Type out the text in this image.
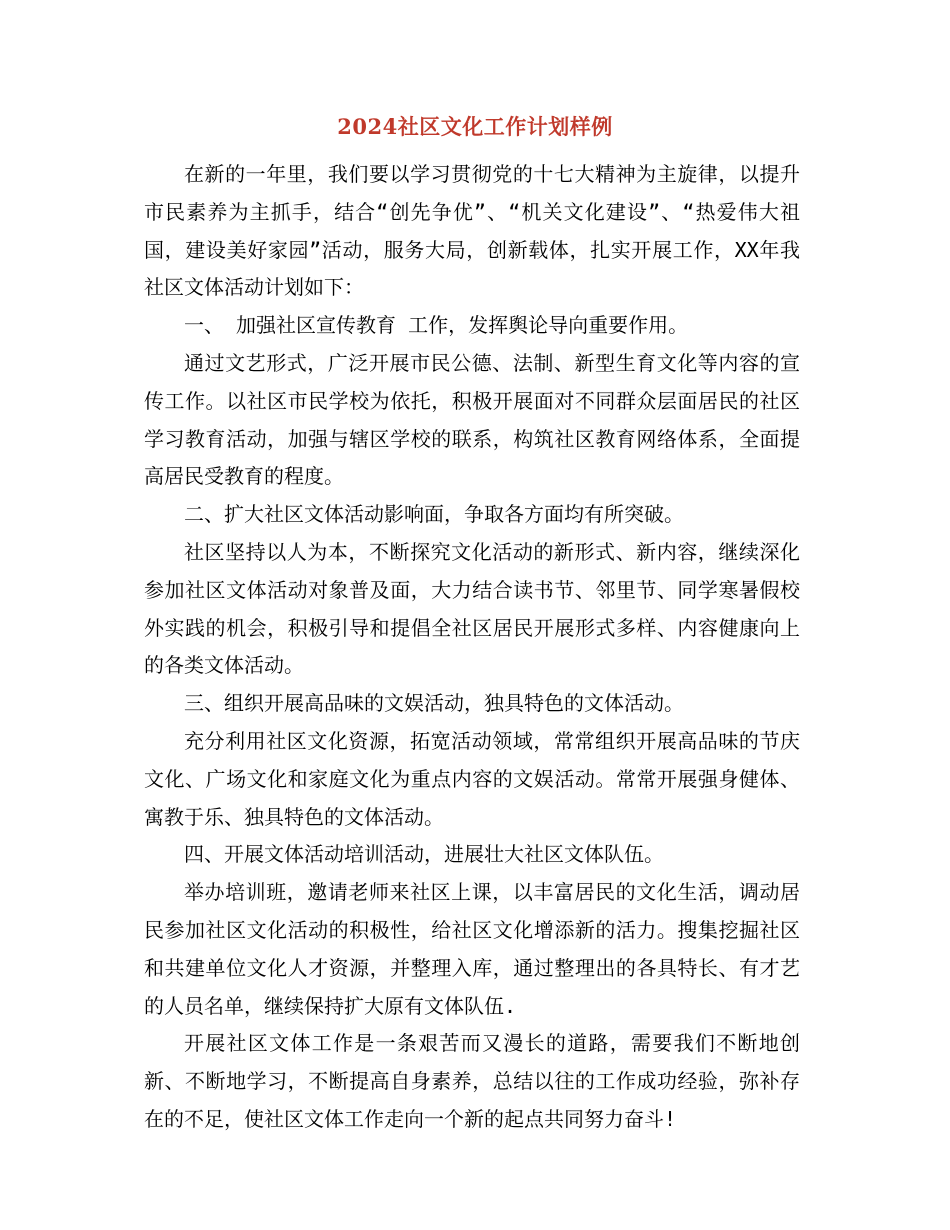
2024社区文化工作计划样例

在新的一年里，我们要以学习贯彻党的十七大精神为主旋律，以提升市民素养为主抓手，结合“创先争优”、“机关文化建设”、“热爱伟大祖国，建设美好家园”活动，服务大局，创新载体，扎实开展工作，XX年我社区文体活动计划如下：

一、 加强社区宣传教育 工作，发挥舆论导向重要作用。

通过文艺形式，广泛开展市民公德、法制、新型生育文化等内容的宣传工作。以社区市民学校为依托，积极开展面对不同群众层面居民的社区学习教育活动，加强与辖区学校的联系，构筑社区教育网络体系，全面提高居民受教育的程度。

二、扩大社区文体活动影响面，争取各方面均有所突破。

社区坚持以人为本，不断探究文化活动的新形式、新内容，继续深化参加社区文体活动对象普及面，大力结合读书节、邻里节、同学寒暑假校外实践的机会，积极引导和提倡全社区居民开展形式多样、内容健康向上的各类文体活动。

三、组织开展高品味的文娱活动，独具特色的文体活动。

充分利用社区文化资源，拓宽活动领域，常常组织开展高品味的节庆文化、广场文化和家庭文化为重点内容的文娱活动。常常开展强身健体、寓教于乐、独具特色的文体活动。

四、开展文体活动培训活动，进展壮大社区文体队伍。

举办培训班，邀请老师来社区上课，以丰富居民的文化生活，调动居民参加社区文化活动的积极性，给社区文化增添新的活力。搜集挖掘社区和共建单位文化人才资源，并整理入库，通过整理出的各具特长、有才艺的人员名单，继续保持扩大原有文体队伍.

开展社区文体工作是一条艰苦而又漫长的道路，需要我们不断地创新、不断地学习，不断提高自身素养，总结以往的工作成功经验，弥补存在的不足，使社区文体工作走向一个新的起点共同努力奋斗!
